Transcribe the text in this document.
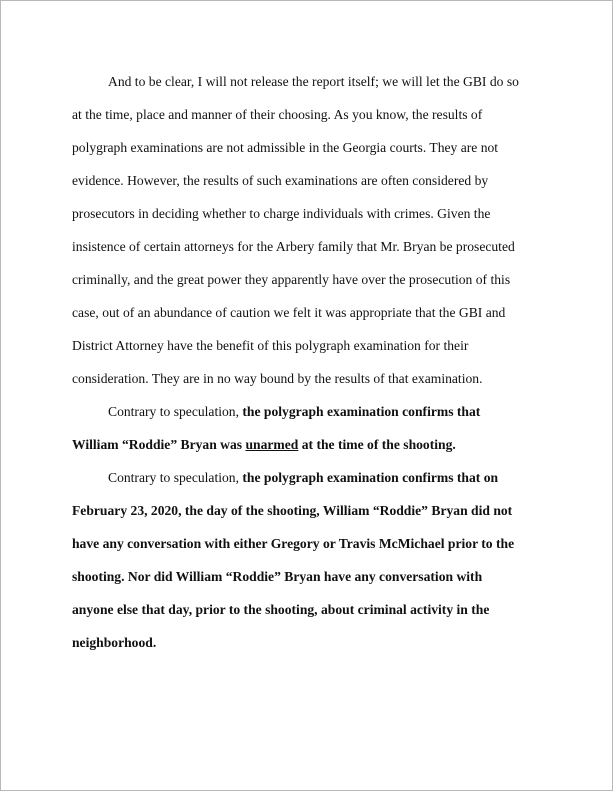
And to be clear, I will not release the report itself; we will let the GBI do so
at the time, place and manner of their choosing. As you know, the results of
polygraph examinations are not admissible in the Georgia courts. They are not
evidence. However, the results of such examinations are often considered by
prosecutors in deciding whether to charge individuals with crimes. Given the
insistence of certain attorneys for the Arbery family that Mr. Bryan be prosecuted
criminally, and the great power they apparently have over the prosecution of this
case, out of an abundance of caution we felt it was appropriate that the GBI and
District Attorney have the benefit of this polygraph examination for their
consideration. They are in no way bound by the results of that examination.
Contrary to speculation, the polygraph examination confirms that
William “Roddie” Bryan was unarmed at the time of the shooting.
Contrary to speculation, the polygraph examination confirms that on
February 23, 2020, the day of the shooting, William “Roddie” Bryan did not
have any conversation with either Gregory or Travis McMichael prior to the
shooting. Nor did William “Roddie” Bryan have any conversation with
anyone else that day, prior to the shooting, about criminal activity in the
neighborhood.
